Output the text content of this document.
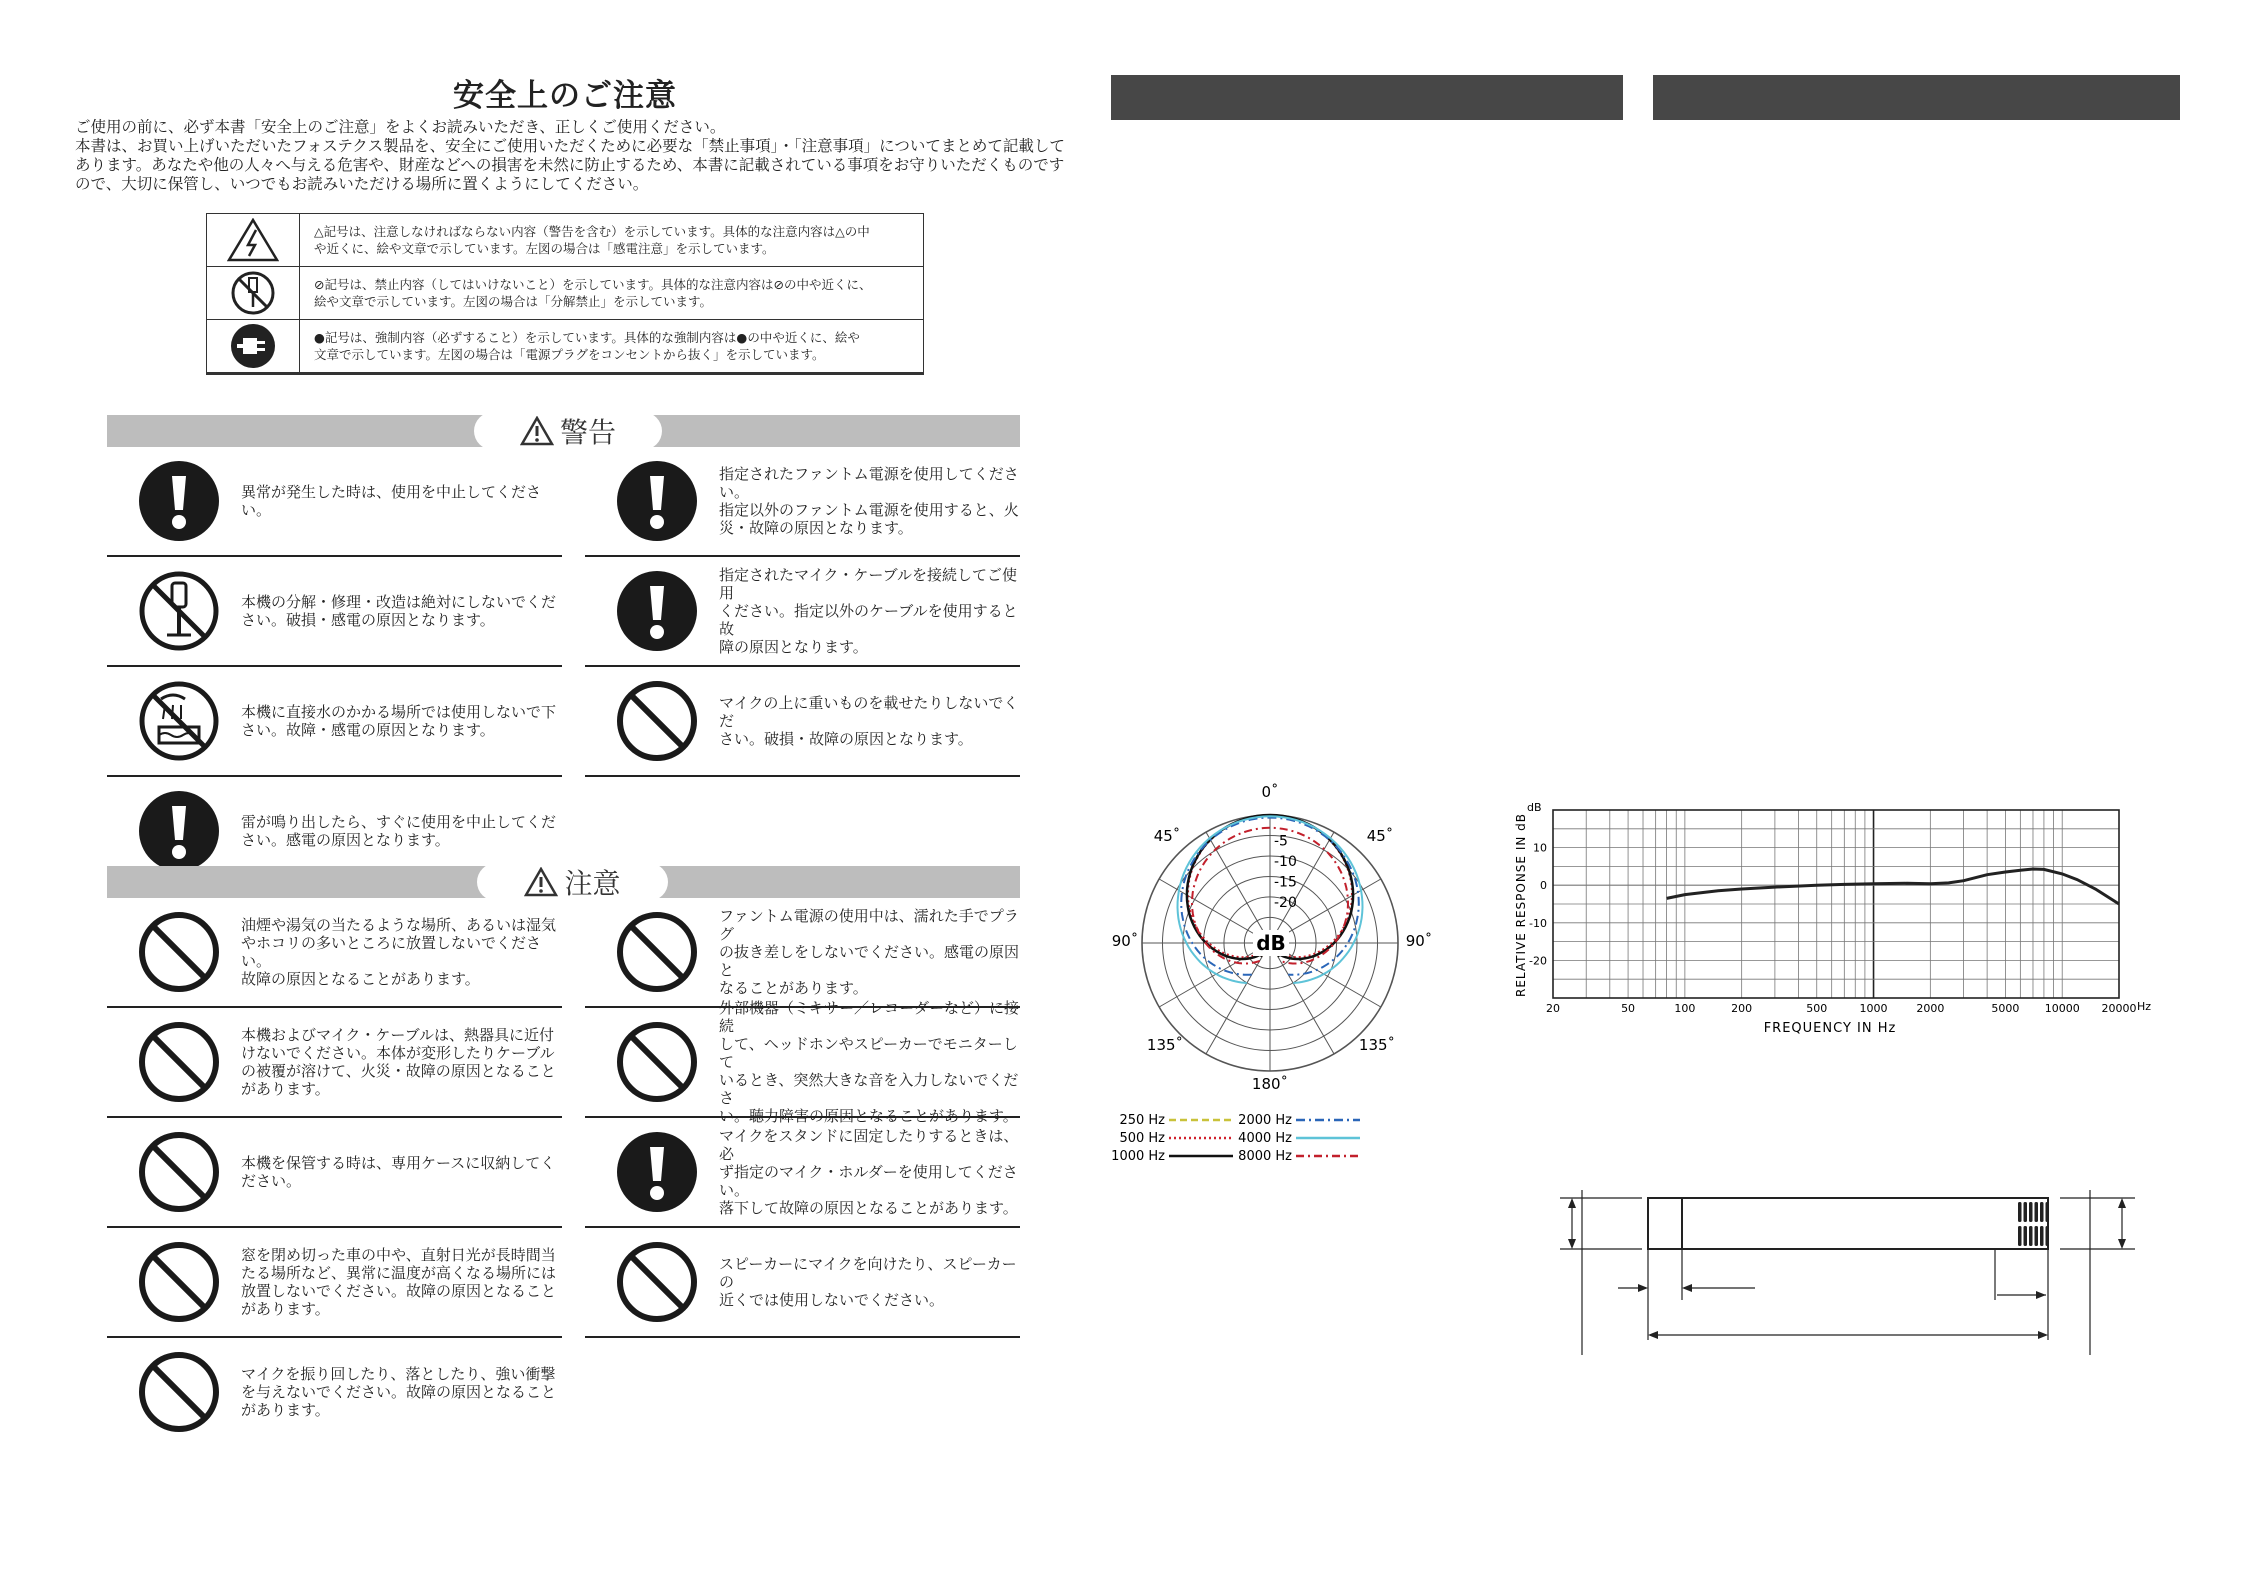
安全上のご注意

ご使用の前に、必ず本書「安全上のご注意」をよくお読みいただき、正しくご使用ください。

本書は、お買い上げいただいたフォステクス製品を、安全にご使用いただくために必要な「禁止事項」・「注意事項」についてまとめて記載して

あります。あなたや他の人々へ与える危害や、財産などへの損害を未然に防止するため、本書に記載されている事項をお守りいただくものです

ので、大切に保管し、いつでもお読みいただける場所に置くようにしてください。

△記号は、注意しなければならない内容（警告を含む）を示しています。具体的な注意内容は△の中
や近くに、絵や文章で示しています。左図の場合は「感電注意」を示しています。
⊘記号は、禁止内容（してはいけないこと）を示しています。具体的な注意内容は⊘の中や近くに、
絵や文章で示しています。左図の場合は「分解禁止」を示しています。
●記号は、強制内容（必ずすること）を示しています。具体的な強制内容は●の中や近くに、絵や
文章で示しています。左図の場合は「電源プラグをコンセントから抜く」を示しています。
警告
異常が発生した時は、使用を中止してください。
本機の分解・修理・改造は絶対にしないでくだ
さい。破損・感電の原因となります。
本機に直接水のかかる場所では使用しないで下
さい。故障・感電の原因となります。
雷が鳴り出したら、すぐに使用を中止してくだ
さい。感電の原因となります。
指定されたファントム電源を使用してください。
指定以外のファントム電源を使用すると、火
災・故障の原因となります。
指定されたマイク・ケーブルを接続してご使用
ください。指定以外のケーブルを使用すると故
障の原因となります。
マイクの上に重いものを載せたりしないでくだ
さい。破損・故障の原因となります。
注意
油煙や湯気の当たるような場所、あるいは湿気
やホコリの多いところに放置しないでください。
故障の原因となることがあります。
本機およびマイク・ケーブルは、熱器具に近付
けないでください。本体が変形したりケーブル
の被覆が溶けて、火災・故障の原因となること
があります。
本機を保管する時は、専用ケースに収納してく
ださい。
窓を閉め切った車の中や、直射日光が長時間当
たる場所など、異常に温度が高くなる場所には
放置しないでください。故障の原因となること
があります。
マイクを振り回したり、落としたり、強い衝撃
を与えないでください。故障の原因となること
があります。
ファントム電源の使用中は、濡れた手でプラグ
の抜き差しをしないでください。感電の原因と
なることがあります。
外部機器（ミキサー／レコーダーなど）に接続
して、ヘッドホンやスピーカーでモニターして
いるとき、突然大きな音を入力しないでくださ
い。聴力障害の原因となることがあります。
マイクをスタンドに固定したりするときは、必
ず指定のマイク・ホルダーを使用してください。
落下して故障の原因となることがあります。
スピーカーにマイクを向けたり、スピーカーの
近くでは使用しないでください。
0˚
45˚	45˚
90˚	90˚
135˚	135˚
180˚
dB
-5
-10
-15
-20
250 Hz
500 Hz
1000 Hz
2000 Hz
4000 Hz
8000 Hz
20	50	100	200	500	1000	2000	5000 10000 20000
10
0
-10
-20
dB
Hz
FREQUENCY IN Hz
RELATIVE RESPONSE IN dB
